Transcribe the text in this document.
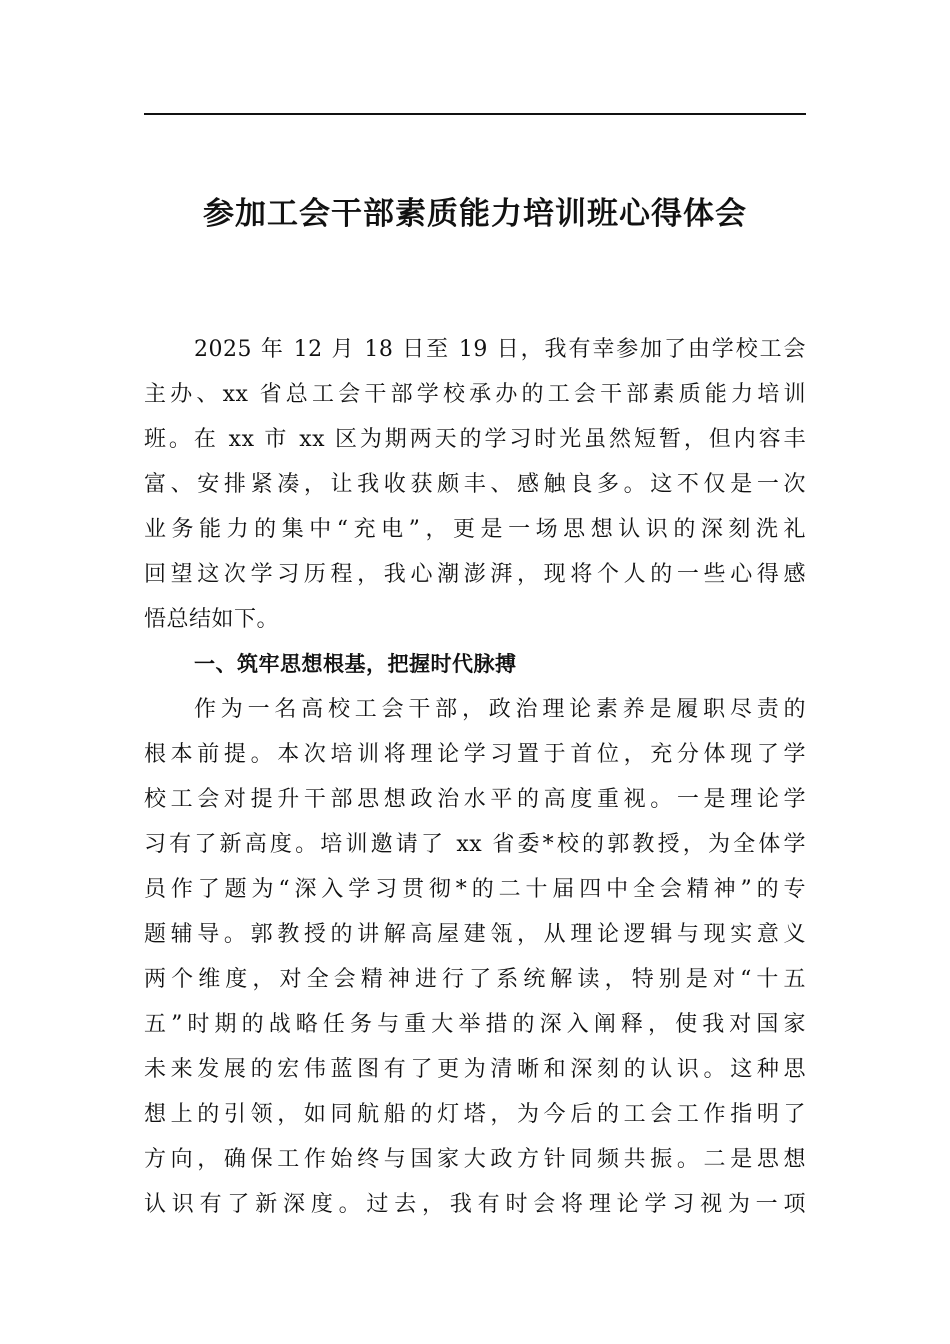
参加工会干部素质能力培训班心得体会
2025 年 12 月 18 日至 19 日，我有幸参加了由学校工会
主办、xx 省总工会干部学校承办的工会干部素质能力培训
班。在 xx 市 xx 区为期两天的学习时光虽然短暂，但内容丰
富、安排紧凑，让我收获颇丰、感触良多。这不仅是一次
业务能力的集中“充电”，更是一场思想认识的深刻洗礼
回望这次学习历程，我心潮澎湃，现将个人的一些心得感
悟总结如下。
一、筑牢思想根基，把握时代脉搏
作为一名高校工会干部，政治理论素养是履职尽责的
根本前提。本次培训将理论学习置于首位，充分体现了学
校工会对提升干部思想政治水平的高度重视。一是理论学
习有了新高度。培训邀请了 xx 省委*校的郭教授，为全体学
员作了题为“深入学习贯彻*的二十届四中全会精神”的专
题辅导。郭教授的讲解高屋建瓴，从理论逻辑与现实意义
两个维度，对全会精神进行了系统解读，特别是对“十五
五”时期的战略任务与重大举措的深入阐释，使我对国家
未来发展的宏伟蓝图有了更为清晰和深刻的认识。这种思
想上的引领，如同航船的灯塔，为今后的工会工作指明了
方向，确保工作始终与国家大政方针同频共振。二是思想
认识有了新深度。过去，我有时会将理论学习视为一项
